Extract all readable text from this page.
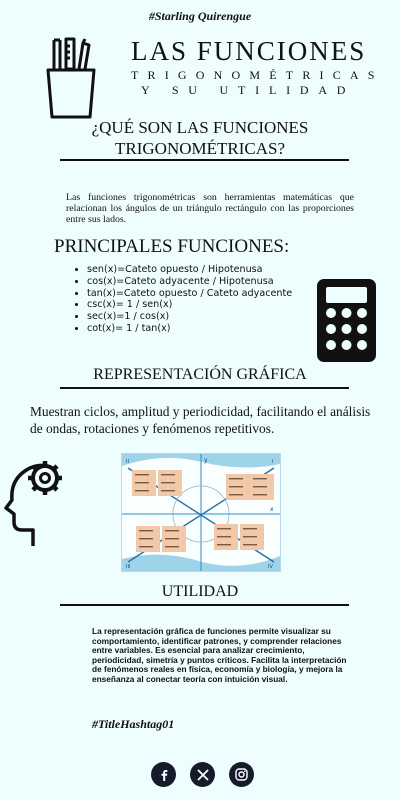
#Starling Quirengue
LAS FUNCIONES
TRIGONOMÉTRICAS
Y SU UTILIDAD
¿QUÉ SON LAS FUNCIONES
TRIGONOMÉTRICAS?
Las funciones trigonométricas son herramientas matemáticas que relacionan los ángulos de un triángulo rectángulo con las proporciones entre sus lados.
PRINCIPALES FUNCIONES:
• sen(x)=Cateto opuesto / Hipotenusa
• cos(x)=Cateto adyacente / Hipotenusa
• tan(x)=Cateto opuesto / Cateto adyacente
• csc(x)= 1 / sen(x)
• sec(x)=1 / cos(x)
• cot(x)= 1 / tan(x)
REPRESENTACIÓN GRÁFICA
Muestran ciclos, amplitud y periodicidad, facilitando el análisis de ondas, rotaciones y fenómenos repetitivos.
x
y
II	I
III	IV
UTILIDAD
La representación gráfica de funciones permite visualizar su comportamiento, identificar patrones, y comprender relaciones entre variables. Es esencial para analizar crecimiento, periodicidad, simetría y puntos críticos. Facilita la interpretación de fenómenos reales en física, economía y biología, y mejora la enseñanza al conectar teoría con intuición visual.
#TitleHashtag01
